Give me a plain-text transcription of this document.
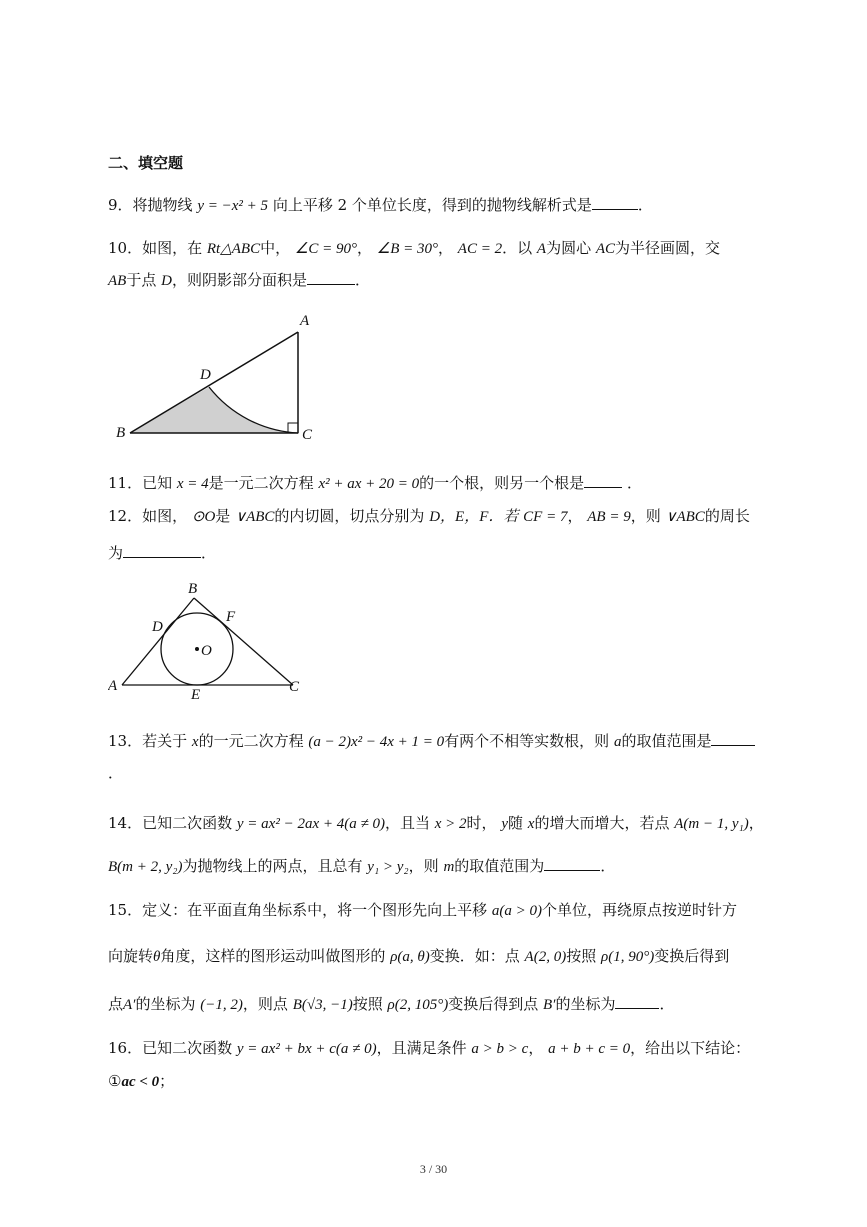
二、填空题
9．将抛物线 y = −x² + 5 向上平移 2 个单位长度，得到的抛物线解析式是	．
10．如图，在 Rt△ABC中， ∠C = 90°， ∠B = 30°， AC = 2．以 A为圆心 AC为半径画圆，交
AB于点 D，则阴影部分面积是	．
A
B	C
D
11．已知 x = 4是一元二次方程 x² + ax + 20 = 0的一个根，则另一个根是	．
12．如图， ⊙O是 ∨ABC的内切圆，切点分别为 D，E，F．若 CF = 7， AB = 9，则 ∨ABC的周长
为	．
B
A	C
D
E
F
O
13．若关于 x的一元二次方程 (a − 2)x² − 4x + 1 = 0有两个不相等实数根，则 a的取值范围是
．
14．已知二次函数 y = ax² − 2ax + 4(a ≠ 0)，且当 x > 2时， y随 x的增大而增大，若点 A(m − 1, y₁)，
B(m + 2, y₂)为抛物线上的两点，且总有 y₁ > y₂，则 m的取值范围为	．
15．定义：在平面直角坐标系中，将一个图形先向上平移 a(a > 0)个单位，再绕原点按逆时针方
向旋转θ角度，这样的图形运动叫做图形的 ρ(a, θ)变换．如：点 A(2, 0)按照 ρ(1, 90°)变换后得到
点A′的坐标为 (−1, 2)，则点 B(√3, −1)按照 ρ(2, 105°)变换后得到点 B′的坐标为	．
16．已知二次函数 y = ax² + bx + c(a ≠ 0)，且满足条件 a > b > c， a + b + c = 0，给出以下结论：
①ac < 0；
3 / 30
